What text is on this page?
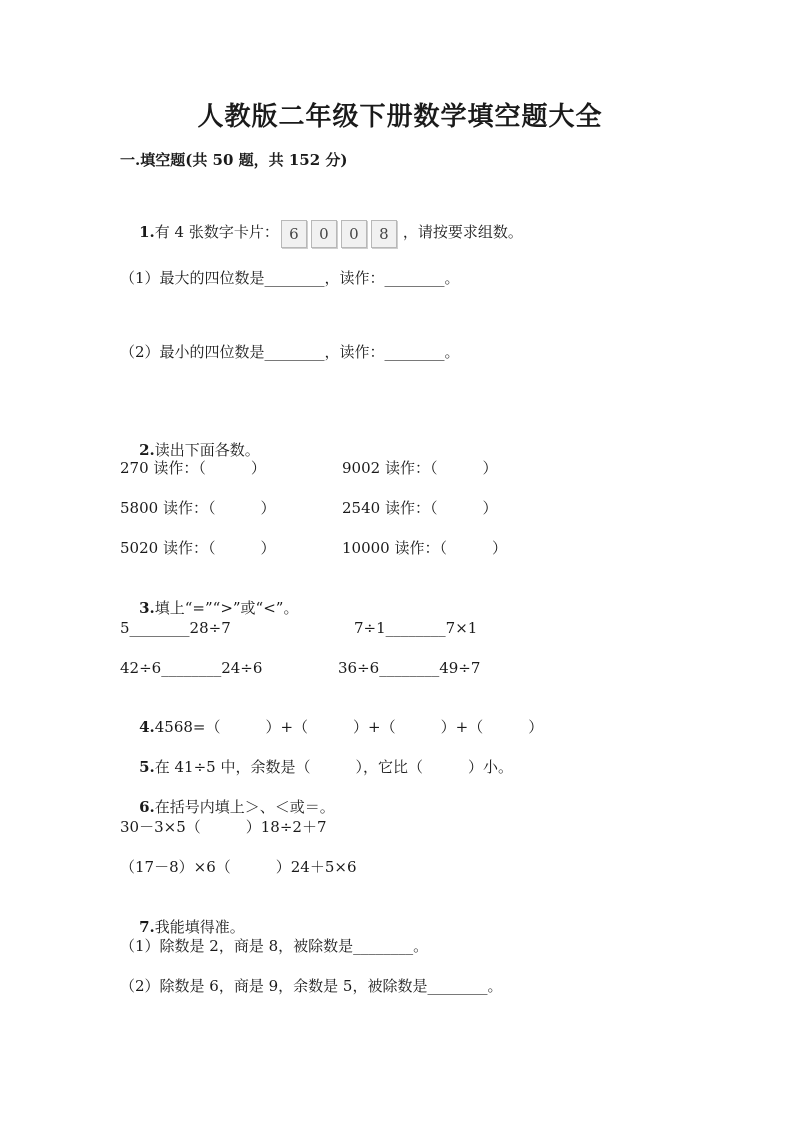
人教版二年级下册数学填空题大全
一.填空题(共 50 题，共 152 分)

1.有 4 张数字卡片： 6 0 0 8 ，请按要求组数。

（1）最大的四位数是________，读作：________。
（2）最小的四位数是________，读作：________。

2.读出下面各数。

270 读作：（　　　）	9002 读作：（　　　）
5800 读作：（　　　）	2540 读作：（　　　）
5020 读作：（　　　）	10000 读作：（　　　）

3.填上“=”“>”或“<”。

5________28÷7	7÷1________7×1
42÷6________24÷6	36÷6________49÷7

4.4568=（　　　）+（　　　）+（　　　）+（　　　）

5.在 41÷5 中，余数是（　　　），它比（　　　）小。

6.在括号内填上＞、＜或＝。

30－3×5（　　　）18÷2＋7
（17－8）×6（　　　）24＋5×6

7.我能填得准。

（1）除数是 2，商是 8，被除数是________。
（2）除数是 6，商是 9，余数是 5，被除数是________。
